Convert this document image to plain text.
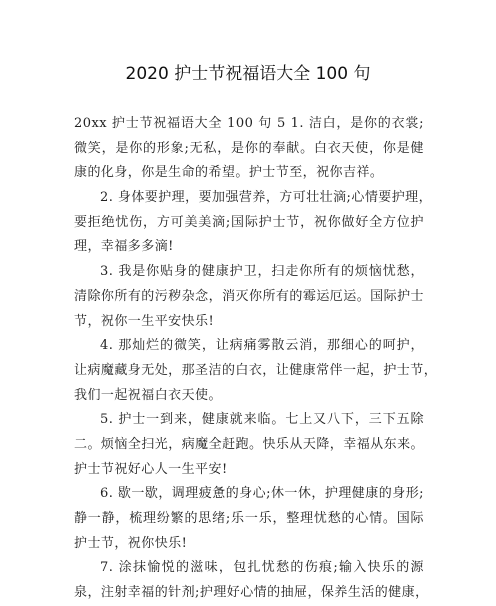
2020 护士节祝福语大全 100 句
20xx 护士节祝福语大全 100 句 5 1. 洁白，是你的衣裳;
微笑，是你的形象;无私，是你的奉献。白衣天使，你是健
康的化身，你是生命的希望。护士节至，祝你吉祥。
2. 身体要护理，要加强营养，方可壮壮滴;心情要护理，
要拒绝忧伤，方可美美滴;国际护士节，祝你做好全方位护
理，幸福多多滴!
3. 我是你贴身的健康护卫，扫走你所有的烦恼忧愁，
清除你所有的污秽杂念，消灭你所有的霉运厄运。国际护士
节，祝你一生平安快乐!
4. 那灿烂的微笑，让病痛雾散云消，那细心的呵护，
让病魔藏身无处，那圣洁的白衣，让健康常伴一起，护士节，
我们一起祝福白衣天使。
5. 护士一到来，健康就来临。七上又八下，三下五除
二。烦恼全扫光，病魔全赶跑。快乐从天降，幸福从东来。
护士节祝好心人一生平安!
6. 歇一歇，调理疲惫的身心;休一休，护理健康的身形;
静一静，梳理纷繁的思绪;乐一乐，整理忧愁的心情。国际
护士节，祝你快乐!
7. 涂抹愉悦的滋味，包扎忧愁的伤痕;输入快乐的源
泉，注射幸福的针剂;护理好心情的抽屉，保养生活的健康，
